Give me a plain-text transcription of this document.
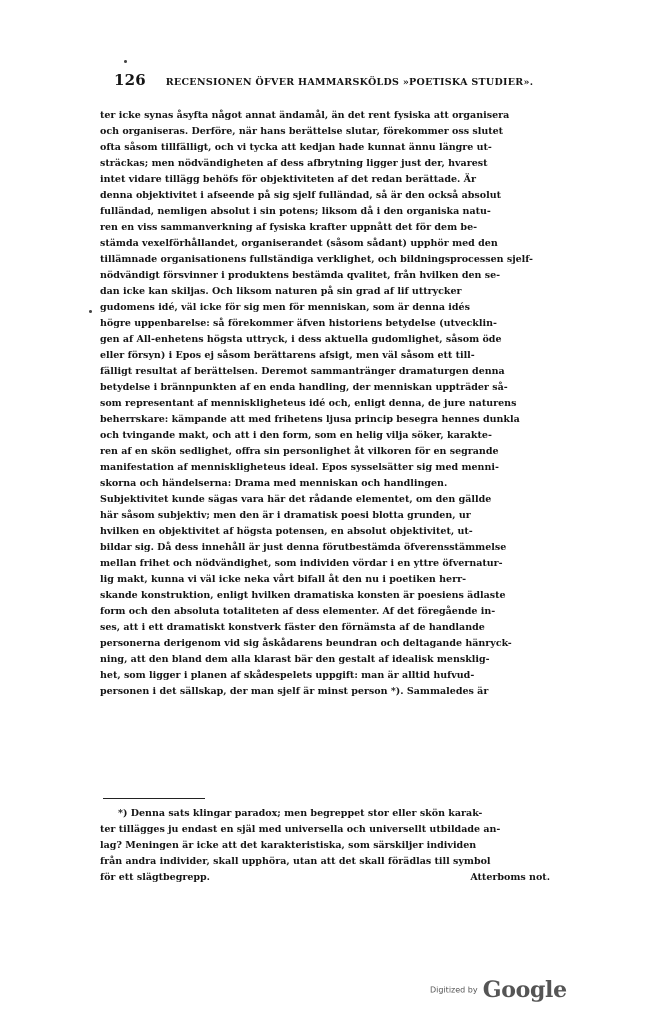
126 RECENSIONEN ÖFVER HAMMARSKÖLDS »POETISKA STUDIER».
ter icke synas åsyfta något annat ändamål, än det rent fysiska att organisera
och organiseras. Derföre, när hans berättelse slutar, förekommer oss slutet
ofta såsom tillfälligt, och vi tycka att kedjan hade kunnat ännu längre ut-
sträckas; men nödvändigheten af dess afbrytning ligger just der, hvarest
intet vidare tillägg behöfs för objektiviteten af det redan berättade. Är
denna objektivitet i afseende på sig sjelf fulländad, så är den också absolut
fulländad, nemligen absolut i sin potens; liksom då i den organiska natu-
ren en viss sammanverkning af fysiska krafter uppnått det för dem be-
stämda vexelförhållandet, organiserandet (såsom sådant) upphör med den
tillämnade organisationens fullständiga verklighet, och bildningsprocessen sjelf-
nödvändigt försvinner i produktens bestämda qvalitet, från hvilken den se-
dan icke kan skiljas. Och liksom naturen på sin grad af lif uttrycker
gudomens idé, väl icke för sig men för menniskan, som är denna idés
högre uppenbarelse: så förekommer äfven historiens betydelse (utvecklin-
gen af All-enhetens högsta uttryck, i dess aktuella gudomlighet, såsom öde
eller försyn) i Epos ej såsom berättarens afsigt, men väl såsom ett till-
fälligt resultat af berättelsen. Deremot sammantränger dramaturgen denna
betydelse i brännpunkten af en enda handling, der menniskan uppträder så-
som representant af menniskligheteus idé och, enligt denna, de jure naturens
beherrskare: kämpande att med frihetens ljusa princip besegra hennes dunkla
och tvingande makt, och att i den form, som en helig vilja söker, karakte-
ren af en skön sedlighet, offra sin personlighet åt vilkoren för en segrande
manifestation af menniskligheteus ideal. Epos sysselsätter sig med menni-
skorna och händelserna: Drama med menniskan och handlingen.
Subjektivitet kunde sägas vara här det rådande elementet, om den gällde
här såsom subjektiv; men den är i dramatisk poesi blotta grunden, ur
hvilken en objektivitet af högsta potensen, en absolut objektivitet, ut-
bildar sig. Då dess innehåll är just denna förutbestämda öfverensstämmelse
mellan frihet och nödvändighet, som individen vördar i en yttre öfvernatur-
lig makt, kunna vi väl icke neka vårt bifall åt den nu i poetiken herr-
skande konstruktion, enligt hvilken dramatiska konsten är poesiens ädlaste
form och den absoluta totaliteten af dess elementer. Af det föregående in-
ses, att i ett dramatiskt konstverk fäster den förnämsta af de handlande
personerna derigenom vid sig åskådarens beundran och deltagande hänryck-
ning, att den bland dem alla klarast bär den gestalt af idealisk mensklig-
het, som ligger i planen af skådespelets uppgift: man är alltid hufvud-
personen i det sällskap, der man sjelf är minst person *). Sammaledes är
*) Denna sats klingar paradox; men begreppet stor eller skön karak-
ter tillägges ju endast en själ med universella och universellt utbildade an-
lag? Meningen är icke att det karakteristiska, som särskiljer individen
från andra individer, skall upphöra, utan att det skall förädlas till symbol
för ett slägtbegrepp.	Atterboms not.
Digitized by Google
